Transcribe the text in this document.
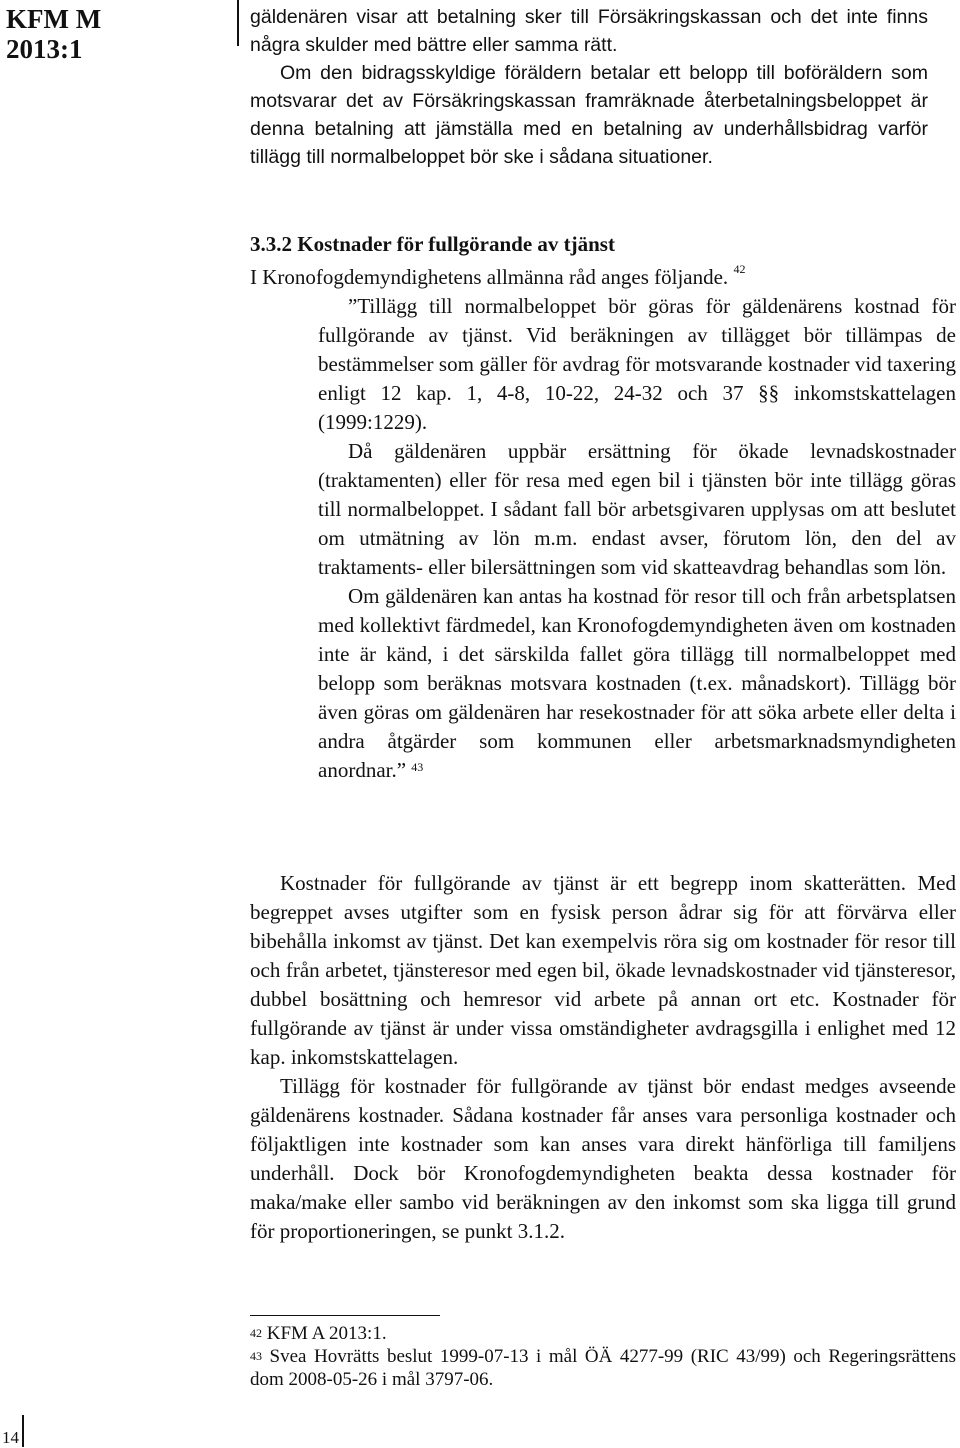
KFM M
2013:1

gäldenären visar att betalning sker till Försäkringskassan och det inte finns några skulder med bättre eller samma rätt.

Om den bidragsskyldige föräldern betalar ett belopp till boföräldern som motsvarar det av Försäkringskassan framräknade återbetalningsbeloppet är denna betalning att jämställa med en betalning av underhållsbidrag varför tillägg till normalbeloppet bör ske i sådana situationer.

3.3.2 Kostnader för fullgörande av tjänst
I Kronofogdemyndighetens allmänna råd anges följande. $^{42}$

”Tillägg till normalbeloppet bör göras för gäldenärens kostnad för fullgörande av tjänst. Vid beräkningen av tillägget bör tillämpas de bestämmelser som gäller för avdrag för motsvarande kostnader vid taxering enligt 12 kap. 1, 4-8, 10-22, 24-32 och 37 §§ inkomstskattelagen (1999:1229).

Då gäldenären uppbär ersättning för ökade levnadskostnader (traktamenten) eller för resa med egen bil i tjänsten bör inte tillägg göras till normalbeloppet. I sådant fall bör arbetsgivaren upplysas om att beslutet om utmätning av lön m.m. endast avser, förutom lön, den del av traktaments- eller bilersättningen som vid skatteavdrag behandlas som lön.

Om gäldenären kan antas ha kostnad för resor till och från arbetsplatsen med kollektivt färdmedel, kan Kronofogdemyndigheten även om kostnaden inte är känd, i det särskilda fallet göra tillägg till normalbeloppet med belopp som beräknas motsvara kostnaden (t.ex. månadskort). Tillägg bör även göras om gäldenären har resekostnader för att söka arbete eller delta i andra åtgärder som kommunen eller arbetsmarknadsmyndigheten anordnar.” $^{43}$

Kostnader för fullgörande av tjänst är ett begrepp inom skatterätten. Med begreppet avses utgifter som en fysisk person ådrar sig för att förvärva eller bibehålla inkomst av tjänst. Det kan exempelvis röra sig om kostnader för resor till och från arbetet, tjänsteresor med egen bil, ökade levnadskostnader vid tjänsteresor, dubbel bosättning och hemresor vid arbete på annan ort etc. Kostnader för fullgörande av tjänst är under vissa omständigheter avdragsgilla i enlighet med 12 kap. inkomstskattelagen.

Tillägg för kostnader för fullgörande av tjänst bör endast medges avseende gäldenärens kostnader. Sådana kostnader får anses vara personliga kostnader och följaktligen inte kostnader som kan anses vara direkt hänförliga till familjens underhåll. Dock bör Kronofogdemyndigheten beakta dessa kostnader för maka/make eller sambo vid beräkningen av den inkomst som ska ligga till grund för proportioneringen, se punkt 3.1.2.

$^{42}$ KFM A 2013:1.

$^{43}$ Svea Hovrätts beslut 1999-07-13 i mål ÖÄ 4277-99 (RIC 43/99) och Regeringsrättens dom 2008-05-26 i mål 3797-06.

14
